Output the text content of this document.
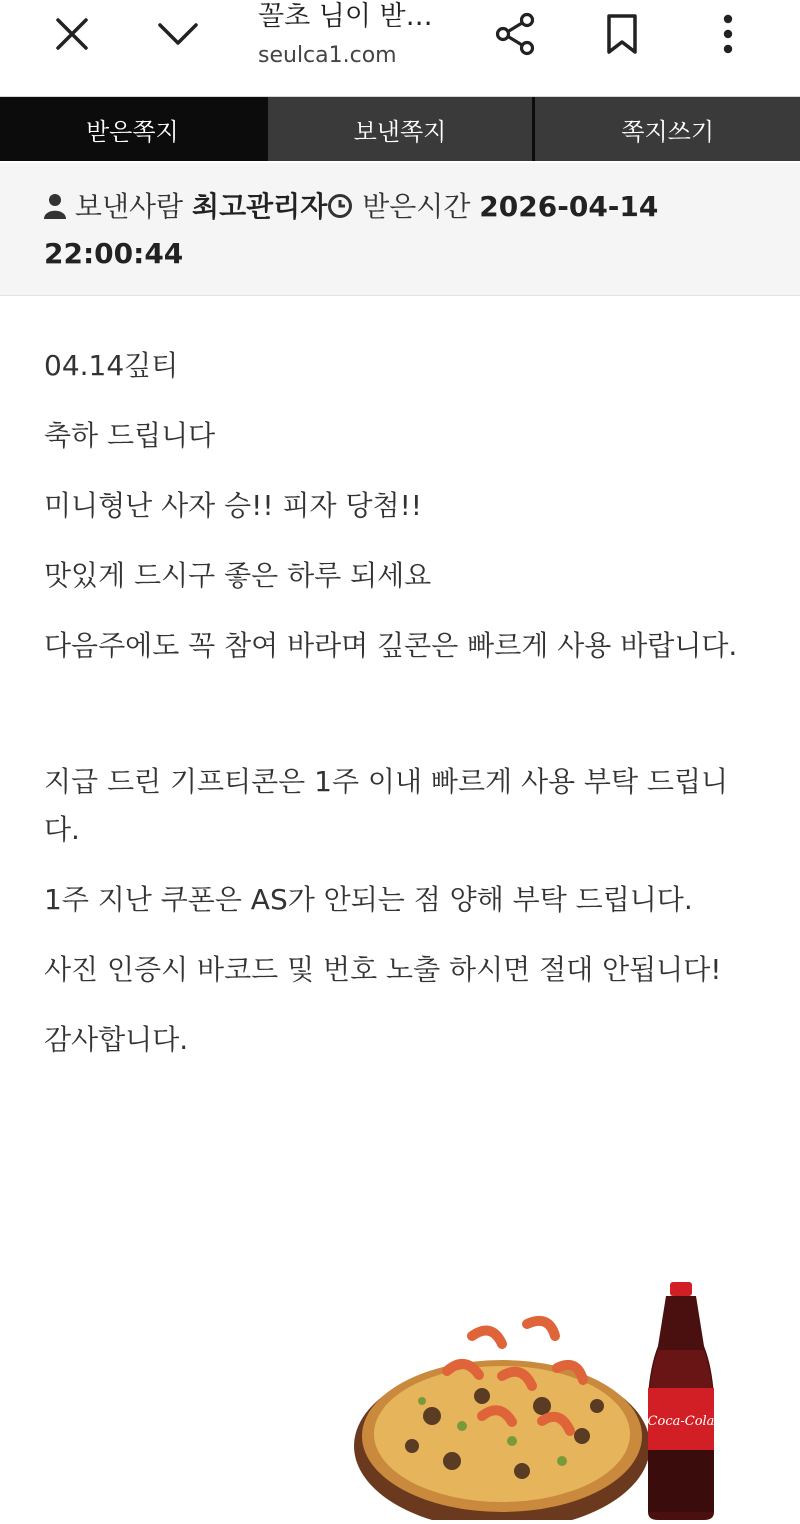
꼴초 님이 받…
seulca1.com
받은쪽지	보낸쪽지	쪽지쓰기
보낸사람 최고관리자 받은시간 2026-04-14 22:00:44

04.14깊티

축하 드립니다

미니형난 사자 승!! 피자 당첨!!

맛있게 드시구 좋은 하루 되세요

다음주에도 꼭 참여 바라며 깊콘은 빠르게 사용 바랍니다.

지급 드린 기프티콘은 1주 이내 빠르게 사용 부탁 드립니다.

1주 지난 쿠폰은 AS가 안되는 점 양해 부탁 드립니다.

사진 인증시 바코드 및 번호 노출 하시면 절대 안됩니다!

감사합니다.

Coca-Cola
